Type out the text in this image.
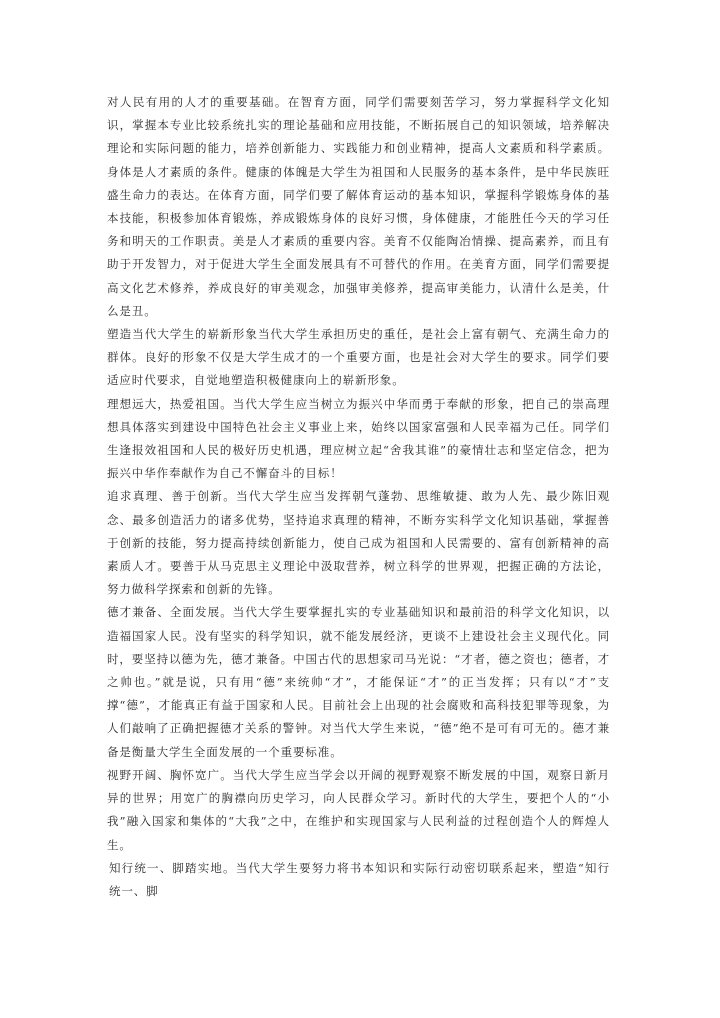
对人民有用的人才的重要基础。在智育方面，同学们需要刻苦学习，努力掌握科学文化知识，掌握本专业比较系统扎实的理论基础和应用技能，不断拓展自己的知识领域，培养解决理论和实际问题的能力，培养创新能力、实践能力和创业精神，提高人文素质和科学素质。身体是人才素质的条件。健康的体魄是大学生为祖国和人民服务的基本条件，是中华民族旺盛生命力的表达。在体育方面，同学们要了解体育运动的基本知识，掌握科学锻炼身体的基本技能，积极参加体育锻炼，养成锻炼身体的良好习惯，身体健康，才能胜任今天的学习任务和明天的工作职责。美是人才素质的重要内容。美育不仅能陶冶情操、提高素养，而且有助于开发智力，对于促进大学生全面发展具有不可替代的作用。在美育方面，同学们需要提高文化艺术修养，养成良好的审美观念，加强审美修养，提高审美能力，认清什么是美，什么是丑。

塑造当代大学生的崭新形象当代大学生承担历史的重任，是社会上富有朝气、充满生命力的群体。良好的形象不仅是大学生成才的一个重要方面，也是社会对大学生的要求。同学们要适应时代要求，自觉地塑造积极健康向上的崭新形象。

理想远大，热爱祖国。当代大学生应当树立为振兴中华而勇于奉献的形象，把自己的崇高理想具体落实到建设中国特色社会主义事业上来，始终以国家富强和人民幸福为己任。同学们生逢报效祖国和人民的极好历史机遇，理应树立起“舍我其谁”的豪情壮志和坚定信念，把为振兴中华作奉献作为自己不懈奋斗的目标！

追求真理、善于创新。当代大学生应当发挥朝气蓬勃、思维敏捷、敢为人先、最少陈旧观念、最多创造活力的诸多优势，坚持追求真理的精神，不断夯实科学文化知识基础，掌握善于创新的技能，努力提高持续创新能力，使自己成为祖国和人民需要的、富有创新精神的高素质人才。要善于从马克思主义理论中汲取营养，树立科学的世界观，把握正确的方法论，努力做科学探索和创新的先锋。

德才兼备、全面发展。当代大学生要掌握扎实的专业基础知识和最前沿的科学文化知识，以造福国家人民。没有坚实的科学知识，就不能发展经济，更谈不上建设社会主义现代化。同时，要坚持以德为先，德才兼备。中国古代的思想家司马光说：“才者，德之资也；德者，才之帅也。”就是说，只有用“德”来统帅“才”，才能保证“才”的正当发挥；只有以“才”支撑“德”，才能真正有益于国家和人民。目前社会上出现的社会腐败和高科技犯罪等现象，为人们敲响了正确把握德才关系的警钟。对当代大学生来说，“德”绝不是可有可无的。德才兼备是衡量大学生全面发展的一个重要标准。

视野开阔、胸怀宽广。当代大学生应当学会以开阔的视野观察不断发展的中国，观察日新月异的世界；用宽广的胸襟向历史学习，向人民群众学习。新时代的大学生，要把个人的“小我”融入国家和集体的“大我”之中，在维护和实现国家与人民利益的过程创造个人的辉煌人生。

知行统一、脚踏实地。当代大学生要努力将书本知识和实际行动密切联系起来，塑造“知行统一、脚
